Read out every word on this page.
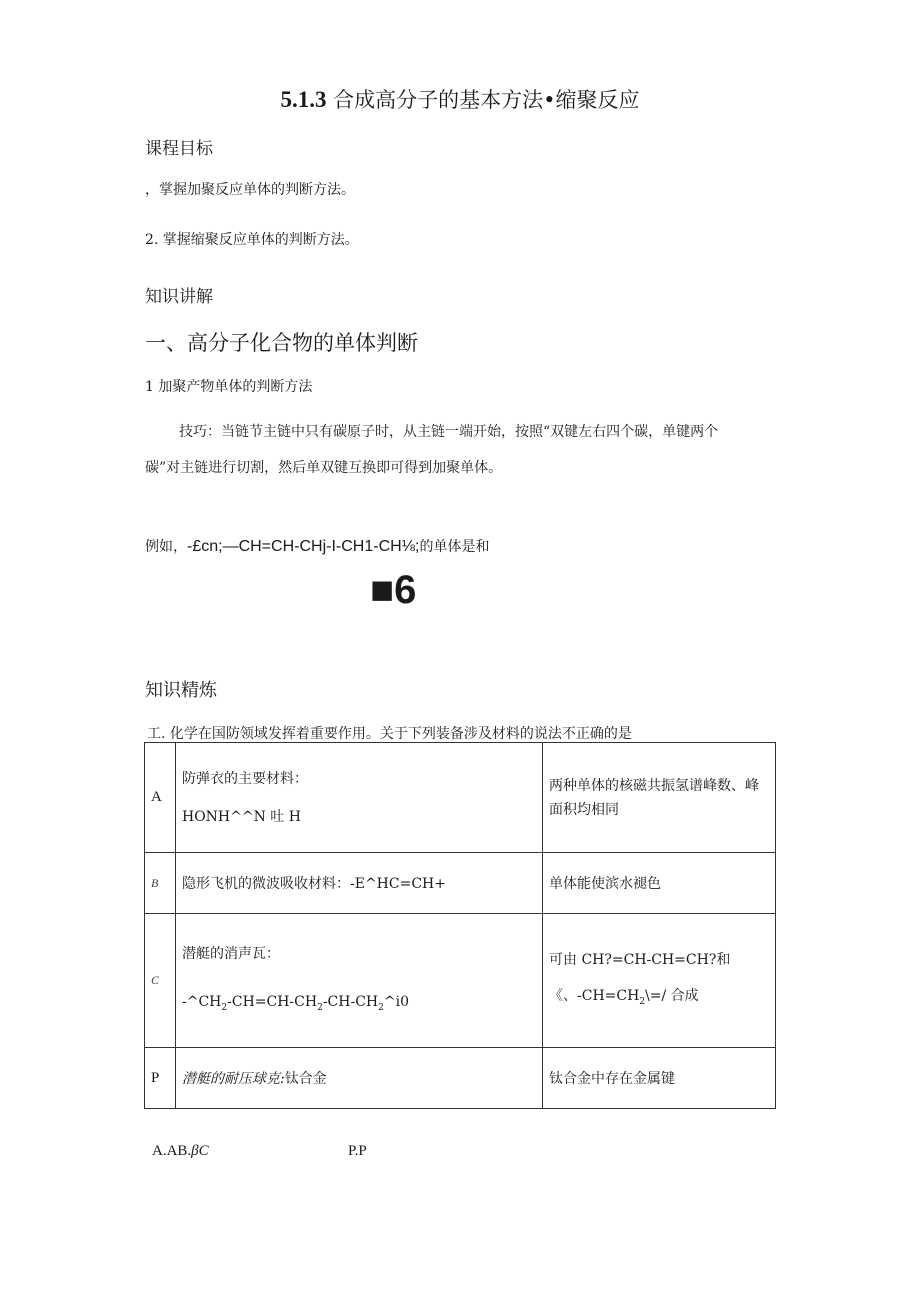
5.1.3 合成高分子的基本方法•缩聚反应
课程目标
，掌握加聚反应单体的判断方法。
2. 掌握缩聚反应单体的判断方法。
知识讲解
一、高分子化合物的单体判断
1 加聚产物单体的判断方法
技巧：当链节主链中只有碳原子时，从主链一端开始，按照“双键左右四个碳，单键两个
碳”对主链进行切割，然后单双键互换即可得到加聚单体。
例如，-£cn;—CH=CH-CHj-I-CH1-CH⅛;的单体是和
■6
知识精炼
工. 化学在国防领域发挥着重要作用。关于下列装备涉及材料的说法不正确的是
A	防弹衣的主要材料：
HONH^^N 吐 H	两种单体的核磁共振氢谱峰数、峰
面积均相同

B	隐形飞机的微波吸收材料：-E^HC=CH+	单体能使滨水褪色
C	潜艇的消声瓦：
$-\^{}CH_2-CH=CH-CH_2-CH-CH_2\^{}i0$	可由 CH?=CH-CH=CH?和
《、$-CH=CH_2\backslash=/$ 合成

P	潜艇的耐压球克:钛合金	钛合金中存在金属键
A.AB.βC	P.P
